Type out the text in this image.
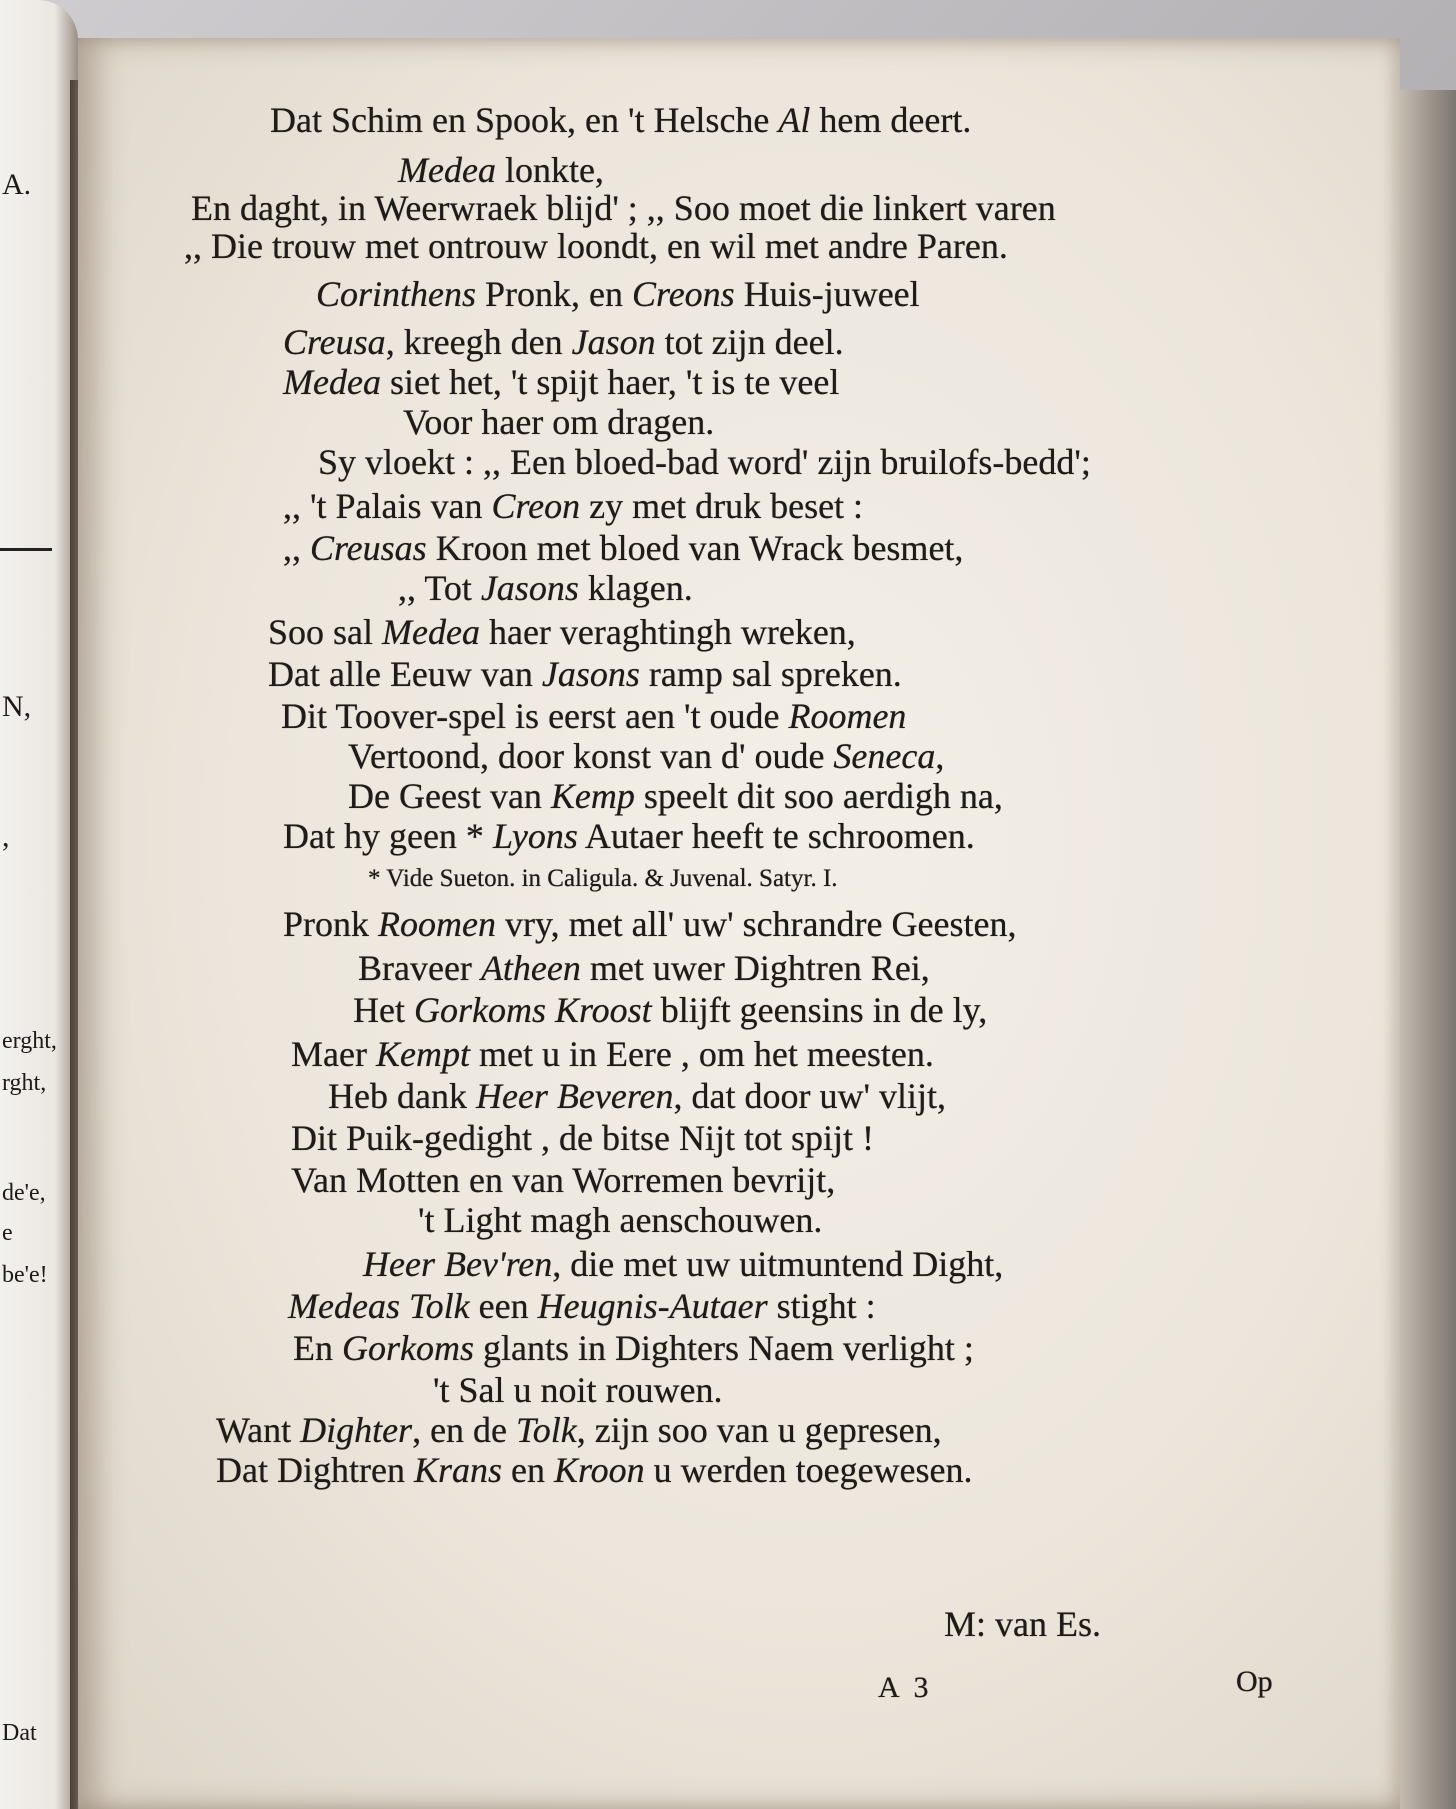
A.
N,
,
erght,
rght,
de'e,
e
be'e!
Dat
Dat Schim en Spook, en 't Helsche Al hem deert.
Medea lonkte,
En daght, in Weerwraek blijd' ; ,, Soo moet die linkert varen
,, Die trouw met ontrouw loondt, en wil met andre Paren.
Corinthens Pronk, en Creons Huis-juweel
Creusa, kreegh den Jason tot zijn deel.
Medea siet het, 't spijt haer, 't is te veel
Voor haer om dragen.
Sy vloekt : ,, Een bloed-bad word' zijn bruilofs-bedd';
,, 't Palais van Creon zy met druk beset :
,, Creusas Kroon met bloed van Wrack besmet,
,, Tot Jasons klagen.
Soo sal Medea haer veraghtingh wreken,
Dat alle Eeuw van Jasons ramp sal spreken.
Dit Toover-spel is eerst aen 't oude Roomen
Vertoond, door konst van d' oude Seneca,
De Geest van Kemp speelt dit soo aerdigh na,
Dat hy geen * Lyons Autaer heeft te schroomen.
* Vide Sueton. in Caligula. & Juvenal. Satyr. I.
Pronk Roomen vry, met all' uw' schrandre Geesten,
Braveer Atheen met uwer Dightren Rei,
Het Gorkoms Kroost blijft geensins in de ly,
Maer Kempt met u in Eere , om het meesten.
Heb dank Heer Beveren, dat door uw' vlijt,
Dit Puik-gedight , de bitse Nijt tot spijt !
Van Motten en van Worremen bevrijt,
't Light magh aenschouwen.
Heer Bev'ren, die met uw uitmuntend Dight,
Medeas Tolk een Heugnis-Autaer stight :
En Gorkoms glants in Dighters Naem verlight ;
't Sal u noit rouwen.
Want Dighter, en de Tolk, zijn soo van u gepresen,
Dat Dightren Krans en Kroon u werden toegewesen.
M: van Es.
A 3	Op
